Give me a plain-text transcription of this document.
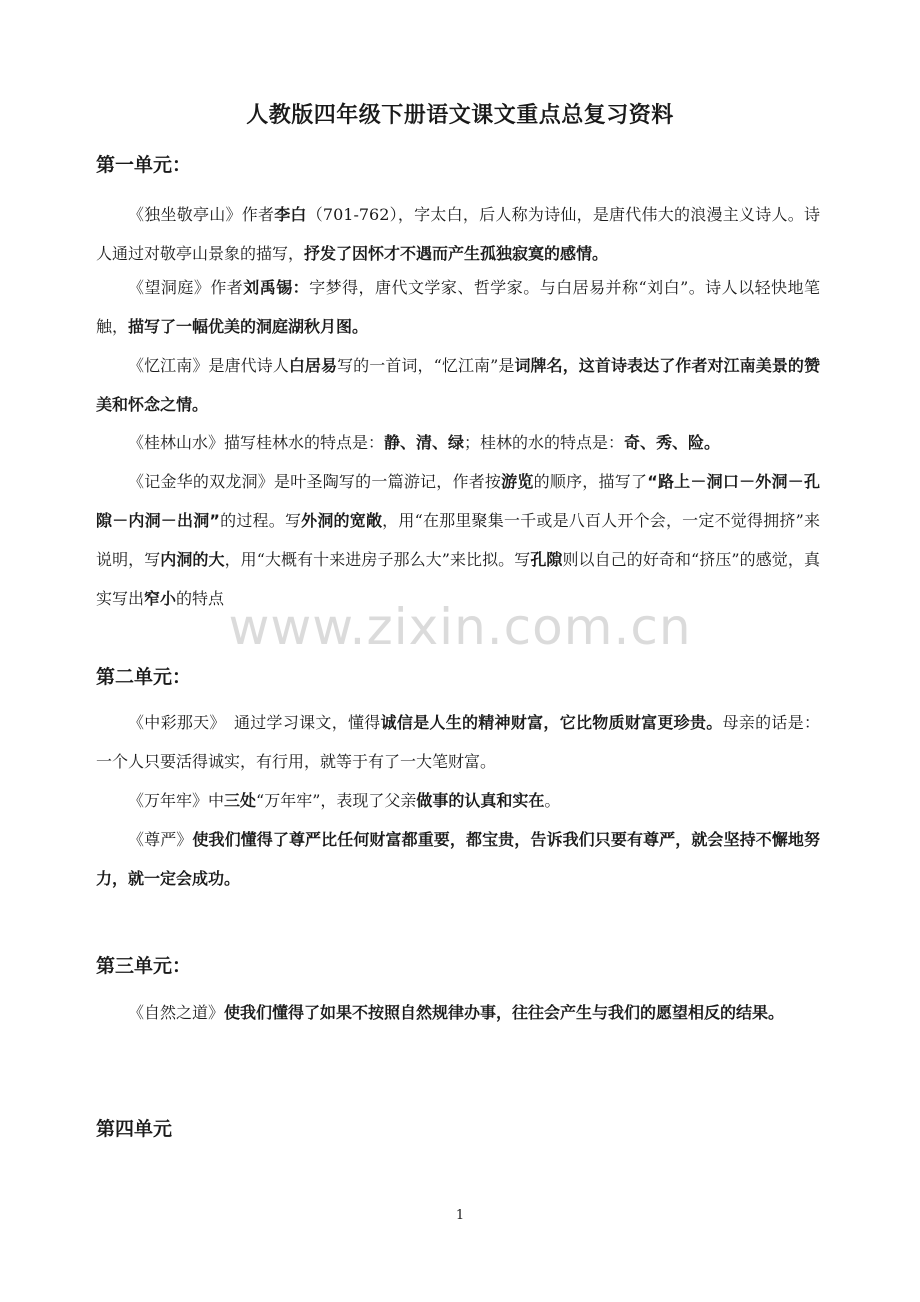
人教版四年级下册语文课文重点总复习资料
第一单元：
《独坐敬亭山》作者李白（701-762），字太白，后人称为诗仙，是唐代伟大的浪漫主义诗人。诗人通过对敬亭山景象的描写，抒发了因怀才不遇而产生孤独寂寞的感情。
《望洞庭》作者刘禹锡：字梦得，唐代文学家、哲学家。与白居易并称“刘白”。诗人以轻快地笔触，描写了一幅优美的洞庭湖秋月图。
《忆江南》是唐代诗人白居易写的一首词，“忆江南”是词牌名，这首诗表达了作者对江南美景的赞美和怀念之情。
《桂林山水》描写桂林水的特点是：静、清、绿；桂林的水的特点是：奇、秀、险。
《记金华的双龙洞》是叶圣陶写的一篇游记，作者按游览的顺序，描写了“路上－洞口－外洞－孔隙－内洞－出洞”的过程。写外洞的宽敞，用“在那里聚集一千或是八百人开个会，一定不觉得拥挤”来说明，写内洞的大，用“大概有十来进房子那么大”来比拟。写孔隙则以自己的好奇和“挤压”的感觉，真实写出窄小的特点 www.zixin.com.cn
第二单元：
《中彩那天》　通过学习课文，懂得诚信是人生的精神财富，它比物质财富更珍贵。母亲的话是：一个人只要活得诚实，有行用，就等于有了一大笔财富。
《万年牢》中三处“万年牢”，表现了父亲做事的认真和实在。
《尊严》使我们懂得了尊严比任何财富都重要，都宝贵，告诉我们只要有尊严，就会坚持不懈地努力，就一定会成功。
第三单元：
《自然之道》使我们懂得了如果不按照自然规律办事，往往会产生与我们的愿望相反的结果。
第四单元
1
